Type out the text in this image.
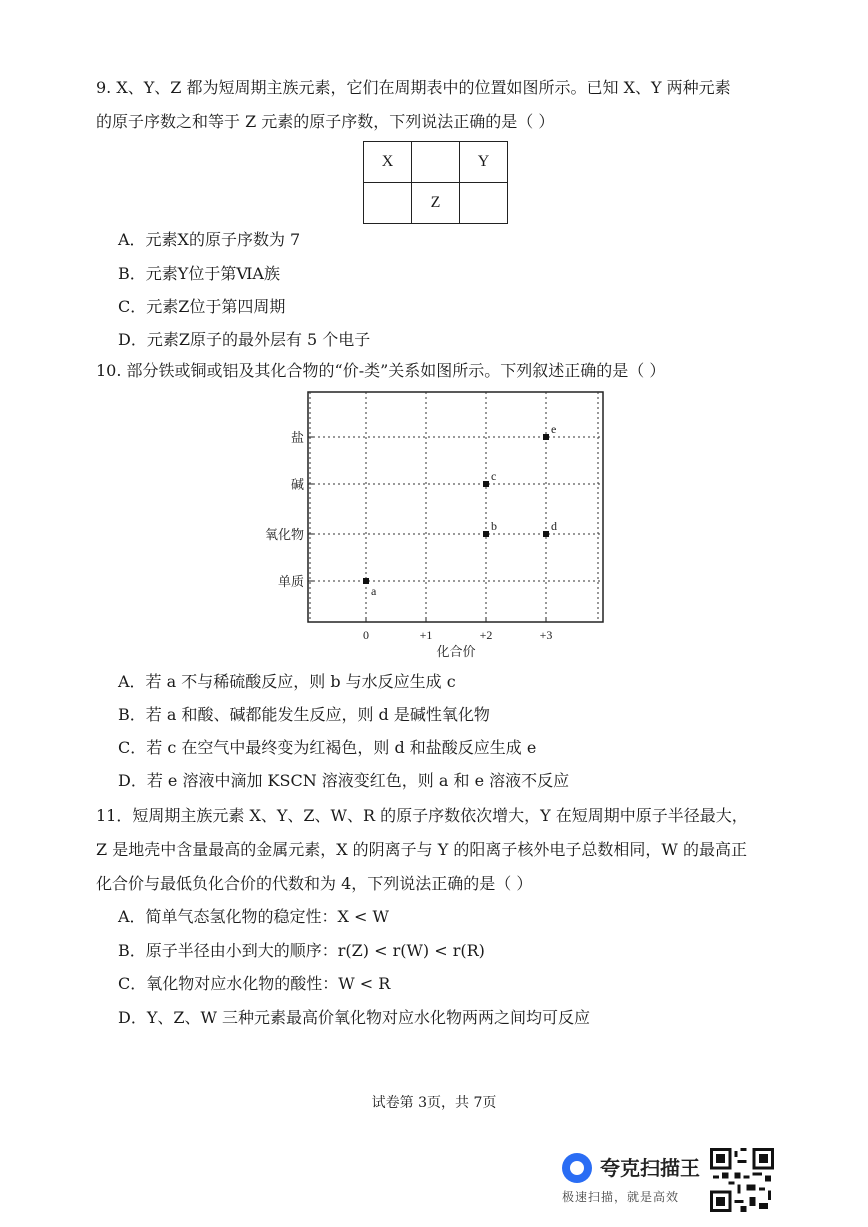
9. X、Y、Z 都为短周期主族元素，它们在周期表中的位置如图所示。已知 X、Y 两种元素
的原子序数之和等于 Z 元素的原子序数，下列说法正确的是（ ）
X		Y
	Z	
A．元素X的原子序数为 7
B．元素Y位于第ⅥA族
C．元素Z位于第四周期
D．元素Z原子的最外层有 5 个电子
10. 部分铁或铜或铝及其化合物的“价-类”关系如图所示。下列叙述正确的是（ ）
0	+1	+2	+3
单质
氧化物
碱
盐
化合价
a
b
c
d
e
A．若 a 不与稀硫酸反应，则 b 与水反应生成 c
B．若 a 和酸、碱都能发生反应，则 d 是碱性氧化物
C．若 c 在空气中最终变为红褐色，则 d 和盐酸反应生成 e
D．若 e 溶液中滴加 KSCN 溶液变红色，则 a 和 e 溶液不反应
11．短周期主族元素 X、Y、Z、W、R 的原子序数依次增大，Y 在短周期中原子半径最大，
Z 是地壳中含量最高的金属元素，X 的阴离子与 Y 的阳离子核外电子总数相同，W 的最高正
化合价与最低负化合价的代数和为 4，下列说法正确的是（ ）
A．简单气态氢化物的稳定性：X < W
B．原子半径由小到大的顺序：r(Z) < r(W) < r(R)
C．氧化物对应水化物的酸性：W < R
D．Y、Z、W 三种元素最高价氧化物对应水化物两两之间均可反应
试卷第 3页，共 7页
夸克扫描王
极速扫描，就是高效
